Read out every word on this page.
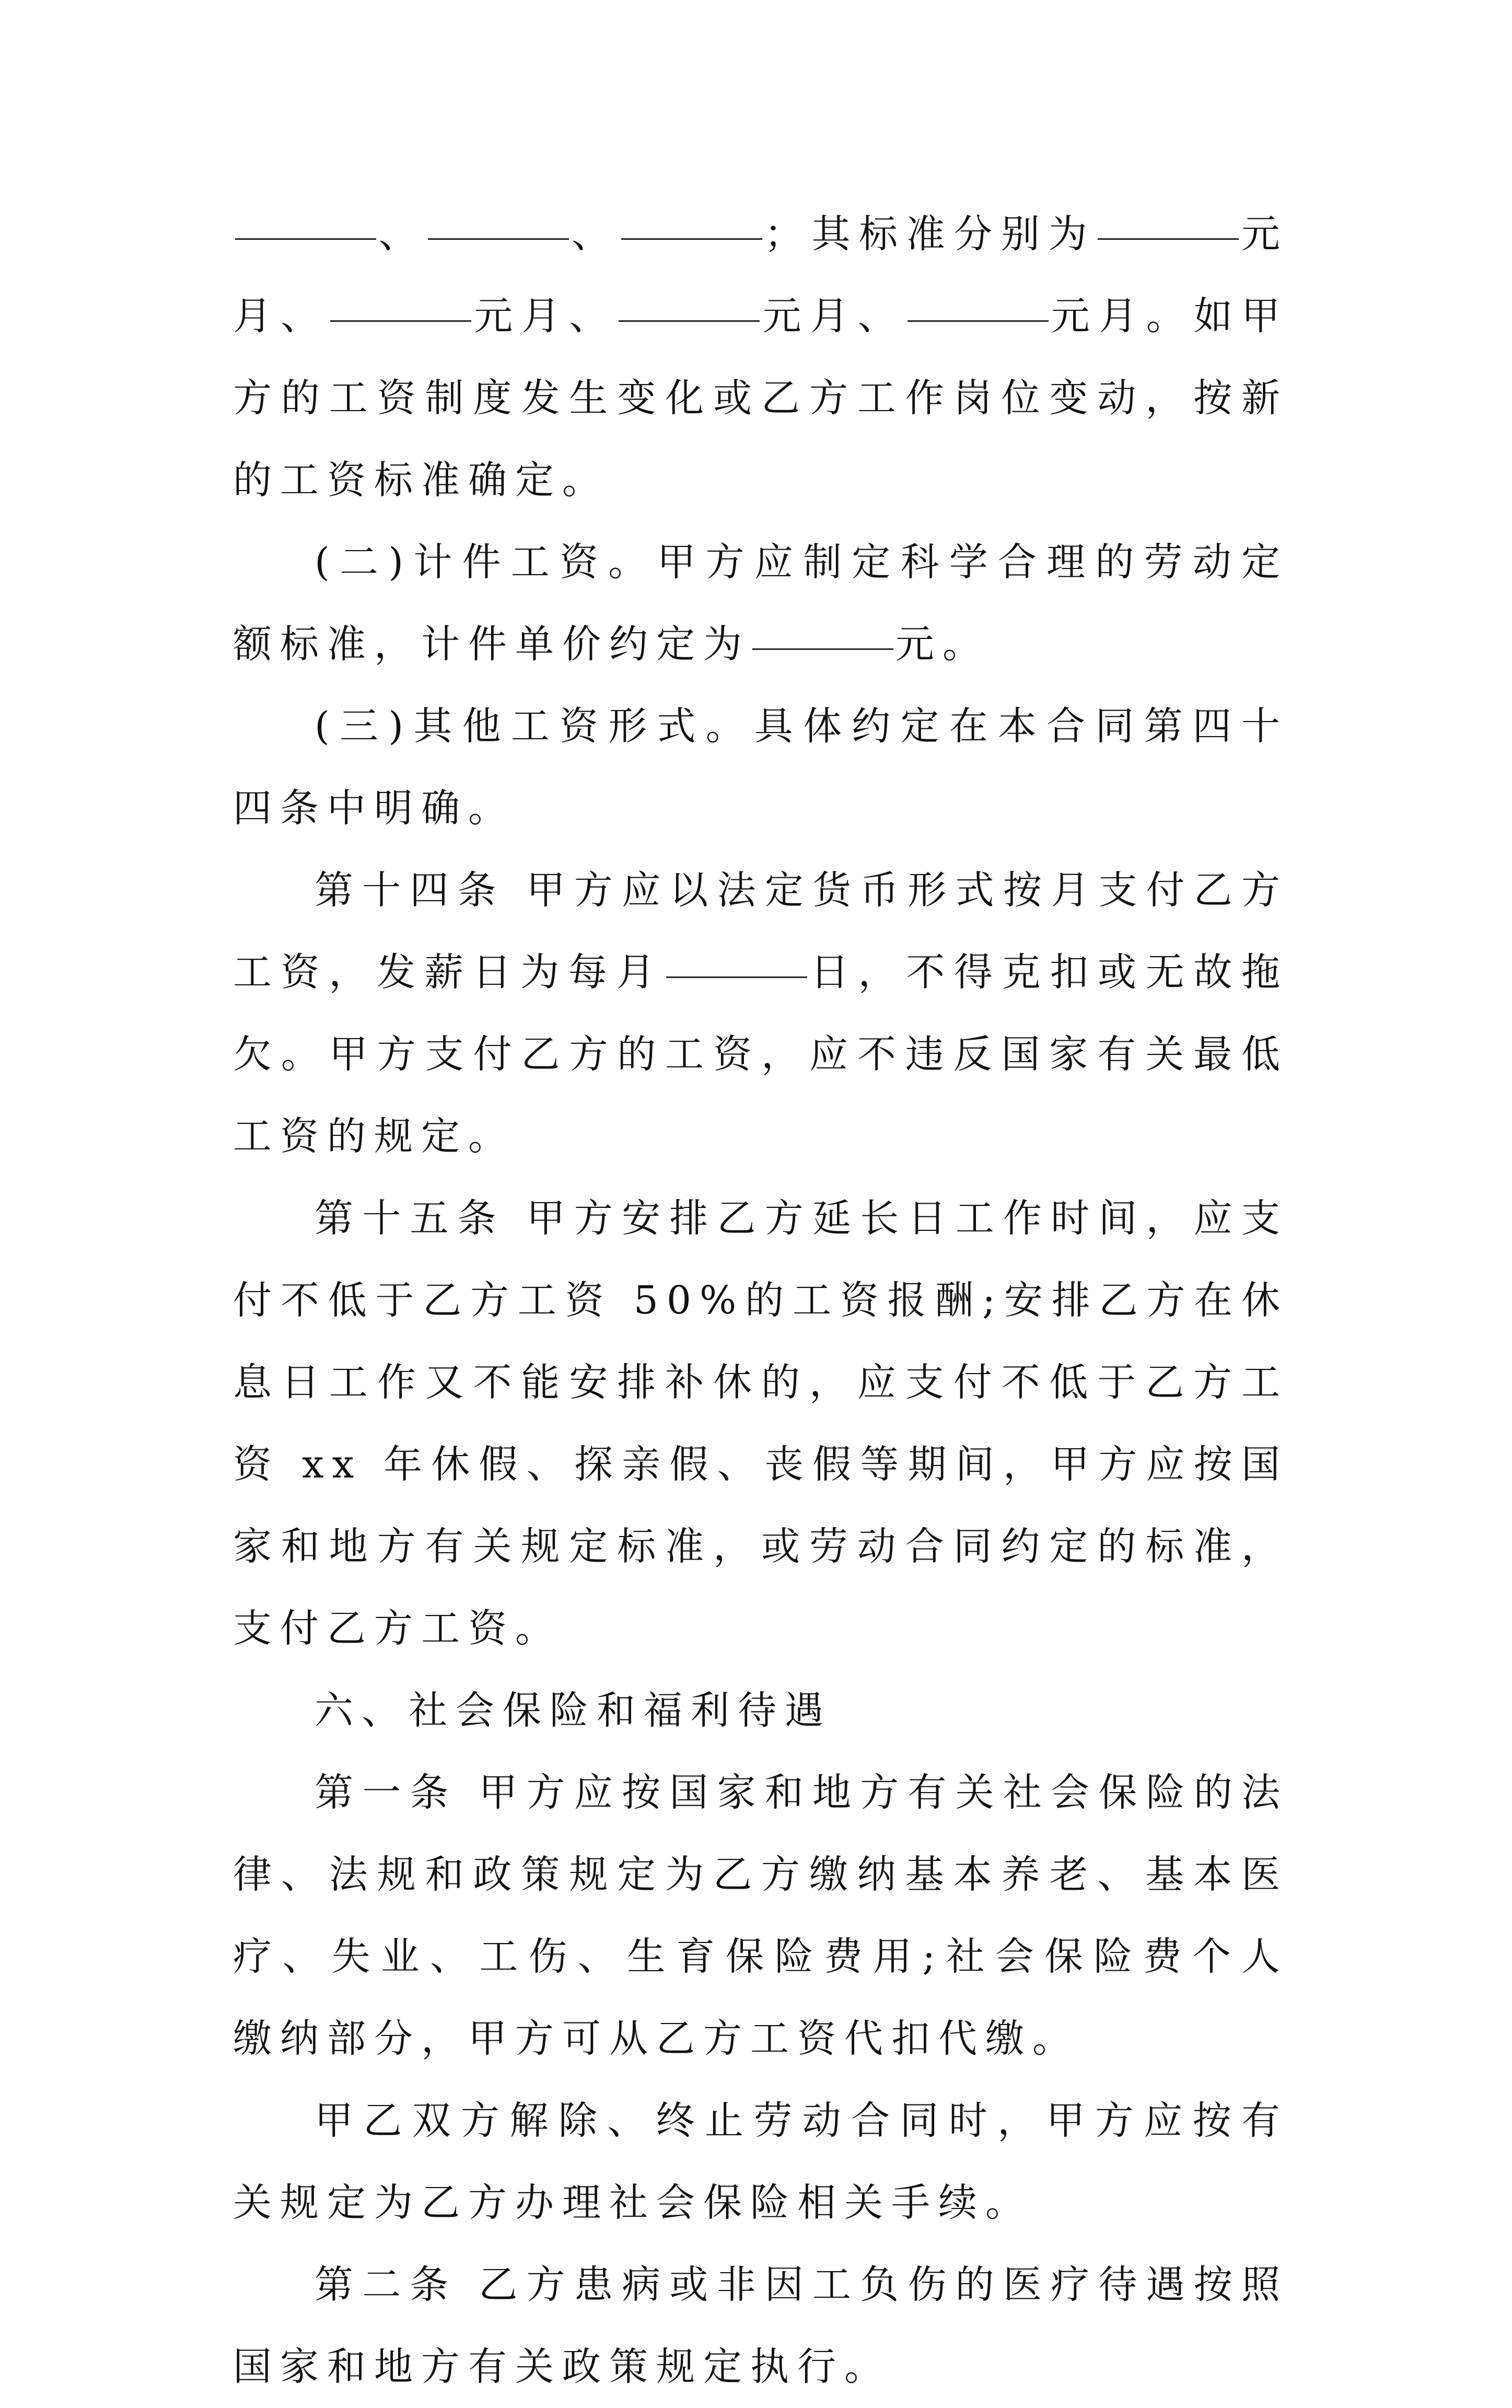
、	、	；其标准分别为	元月、	元月、	元月、	元月。如甲方的工资制度发生变化或乙方工作岗位变动，按新的工资标准确定。

(二)计件工资。甲方应制定科学合理的劳动定额标准，计件单价约定为	元。

(三)其他工资形式。具体约定在本合同第四十四条中明确。

第十四条 甲方应以法定货币形式按月支付乙方工资，发薪日为每月	日，不得克扣或无故拖欠。甲方支付乙方的工资，应不违反国家有关最低工资的规定。

第十五条 甲方安排乙方延长日工作时间，应支付不低于乙方工资 50%的工资报酬;安排乙方在休息日工作又不能安排补休的，应支付不低于乙方工资 xx 年休假、探亲假、丧假等期间，甲方应按国家和地方有关规定标准，或劳动合同约定的标准，支付乙方工资。

六、社会保险和福利待遇

第一条 甲方应按国家和地方有关社会保险的法律、法规和政策规定为乙方缴纳基本养老、基本医疗、失业、工伤、生育保险费用;社会保险费个人缴纳部分，甲方可从乙方工资代扣代缴。

甲乙双方解除、终止劳动合同时，甲方应按有关规定为乙方办理社会保险相关手续。

第二条 乙方患病或非因工负伤的医疗待遇按照国家和地方有关政策规定执行。
